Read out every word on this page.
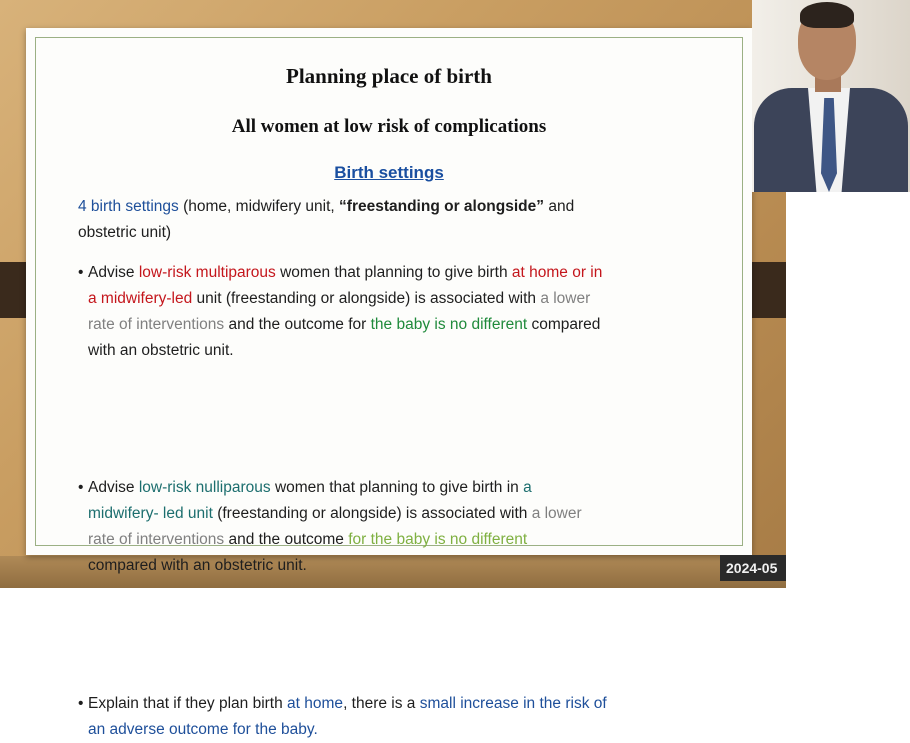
Planning place of birth
All women at low risk of complications
Birth settings
4 birth settings (home, midwifery unit, “freestanding or alongside” and
obstetric unit)
• Advise low-risk multiparous women that planning to give birth at home or in
a midwifery-led unit (freestanding or alongside) is associated with a lower
rate of interventions and the outcome for the baby is no different compared
with an obstetric unit.
• Advise low-risk nulliparous women that planning to give birth in a
midwifery- led unit (freestanding or alongside) is associated with a lower
rate of interventions and the outcome for the baby is no different
compared with an obstetric unit.
• Explain that if they plan birth at home, there is a small increase in the risk of
an adverse outcome for the baby.
2024-05
